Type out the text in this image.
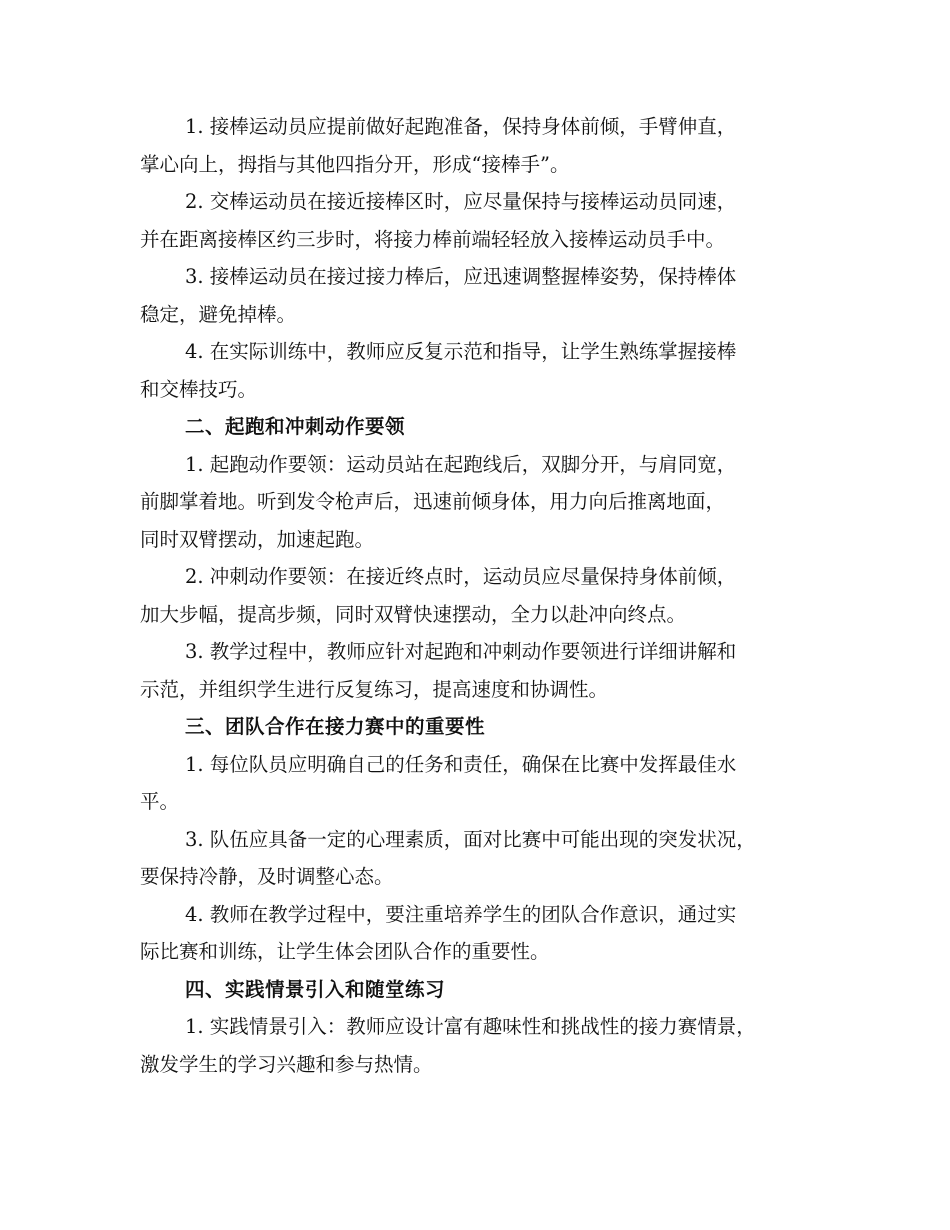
1. 接棒运动员应提前做好起跑准备，保持身体前倾，手臂伸直，
掌心向上，拇指与其他四指分开，形成“接棒手”。
2. 交棒运动员在接近接棒区时，应尽量保持与接棒运动员同速，
并在距离接棒区约三步时，将接力棒前端轻轻放入接棒运动员手中。
3. 接棒运动员在接过接力棒后，应迅速调整握棒姿势，保持棒体
稳定，避免掉棒。
4. 在实际训练中，教师应反复示范和指导，让学生熟练掌握接棒
和交棒技巧。
二、起跑和冲刺动作要领
1. 起跑动作要领：运动员站在起跑线后，双脚分开，与肩同宽，
前脚掌着地。听到发令枪声后，迅速前倾身体，用力向后推离地面，
同时双臂摆动，加速起跑。
2. 冲刺动作要领：在接近终点时，运动员应尽量保持身体前倾，
加大步幅，提高步频，同时双臂快速摆动，全力以赴冲向终点。
3. 教学过程中，教师应针对起跑和冲刺动作要领进行详细讲解和
示范，并组织学生进行反复练习，提高速度和协调性。
三、团队合作在接力赛中的重要性
1. 每位队员应明确自己的任务和责任，确保在比赛中发挥最佳水
平。
3. 队伍应具备一定的心理素质，面对比赛中可能出现的突发状况，
要保持冷静，及时调整心态。
4. 教师在教学过程中，要注重培养学生的团队合作意识，通过实
际比赛和训练，让学生体会团队合作的重要性。
四、实践情景引入和随堂练习
1. 实践情景引入：教师应设计富有趣味性和挑战性的接力赛情景，
激发学生的学习兴趣和参与热情。
